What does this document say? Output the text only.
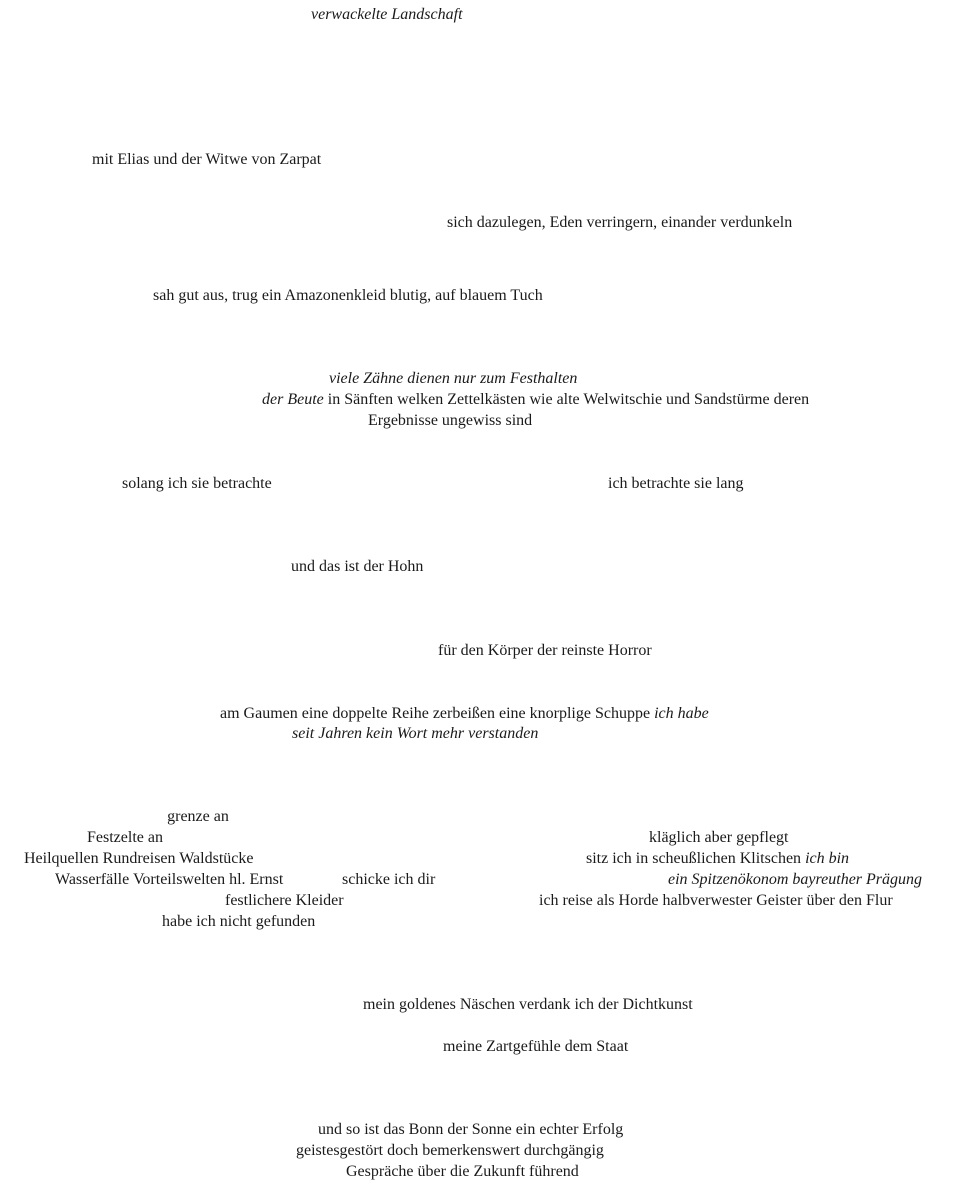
verwackelte Landschaft
mit Elias und der Witwe von Zarpat
sich dazulegen, Eden verringern, einander verdunkeln
sah gut aus, trug ein Amazonenkleid blutig, auf blauem Tuch
viele Zähne dienen nur zum Festhalten
der Beute in Sänften welken Zettelkästen wie alte Welwitschie und Sandstürme deren
Ergebnisse ungewiss sind
solang ich sie betrachte	ich betrachte sie lang
und das ist der Hohn
für den Körper der reinste Horror
am Gaumen eine doppelte Reihe zerbeißen eine knorplige Schuppe ich habe
seit Jahren kein Wort mehr verstanden
grenze an
Festzelte an
Heilquellen Rundreisen Waldstücke
Wasserfälle Vorteilswelten hl. Ernst	schicke ich dir
festlichere Kleider
habe ich nicht gefunden
kläglich aber gepflegt
sitz ich in scheußlichen Klitschen ich bin
ein Spitzenökonom bayreuther Prägung
ich reise als Horde halbverwester Geister über den Flur
mein goldenes Näschen verdank ich der Dichtkunst
meine Zartgefühle dem Staat
und so ist das Bonn der Sonne ein echter Erfolg
geistesgestört doch bemerkenswert durchgängig
Gespräche über die Zukunft führend
